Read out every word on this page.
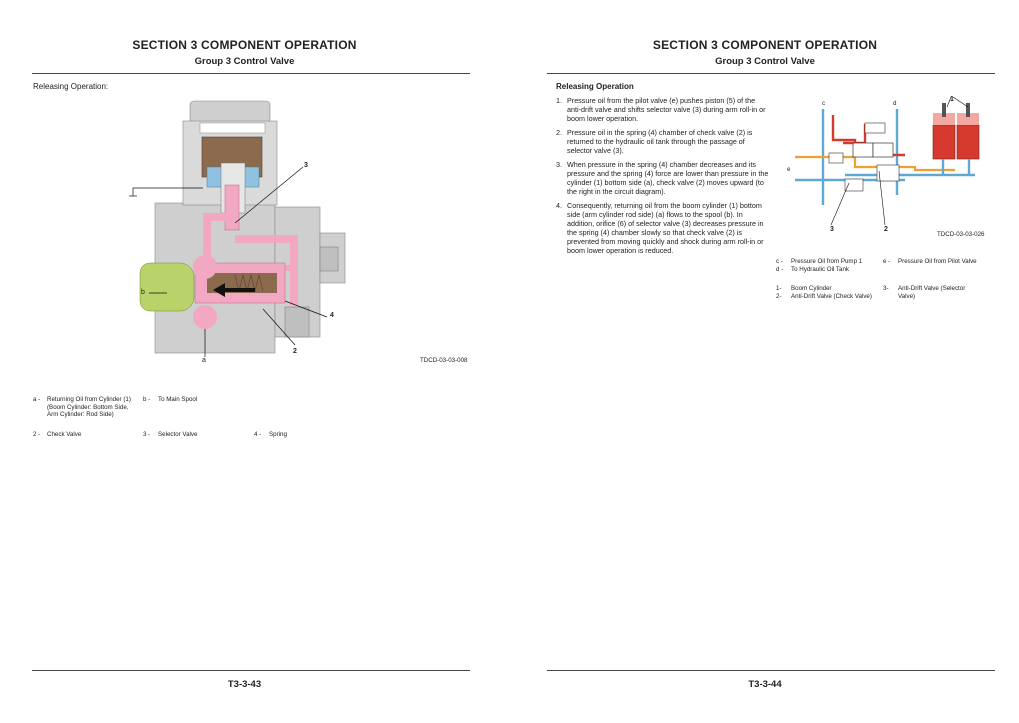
SECTION 3 COMPONENT OPERATION
Group 3 Control Valve
Releasing Operation:
3
4
2
b
a	TDCD-03-03-008
a - Returning Oil from Cylinder (1) (Boom Cylinder: Bottom Side, Arm Cylinder: Rod Side)
b - To Main Spool
2 - Check Valve	3 - Selector Valve	4 - Spring
T3-3-43
SECTION 3 COMPONENT OPERATION
Group 3 Control Valve
Releasing Operation
T3-3-44
1. Pressure oil from the pilot valve (e) pushes piston (5) of the anti-drift valve and shifts selector valve (3) during arm roll-in or boom lower operation.
2. Pressure oil in the spring (4) chamber of check valve (2) is returned to the hydraulic oil tank through the passage of selector valve (3).
3. When pressure in the spring (4) chamber decreases and its pressure and the spring (4) force are lower than pressure in the cylinder (1) bottom side (a), check valve (2) moves upward (to the right in the circuit diagram).
4. Consequently, returning oil from the boom cylinder (1) bottom side (arm cylinder rod side) (a) flows to the spool (b). In addition, orifice (6) of selector valve (3) decreases pressure in the spring (4) chamber slowly so that check valve (2) is prevented from moving quickly and shock during arm roll-in or boom lower operation is reduced.
c	d
e
1
3	2
TDCD-03-03-026
c - Pressure Oil from Pump 1
d - To Hydraulic Oil Tank
e - Pressure Oil from Pilot Valve
1- Boom Cylinder
2- Anti-Drift Valve (Check Valve)
3- Anti-Drift Valve (Selector Valve)
